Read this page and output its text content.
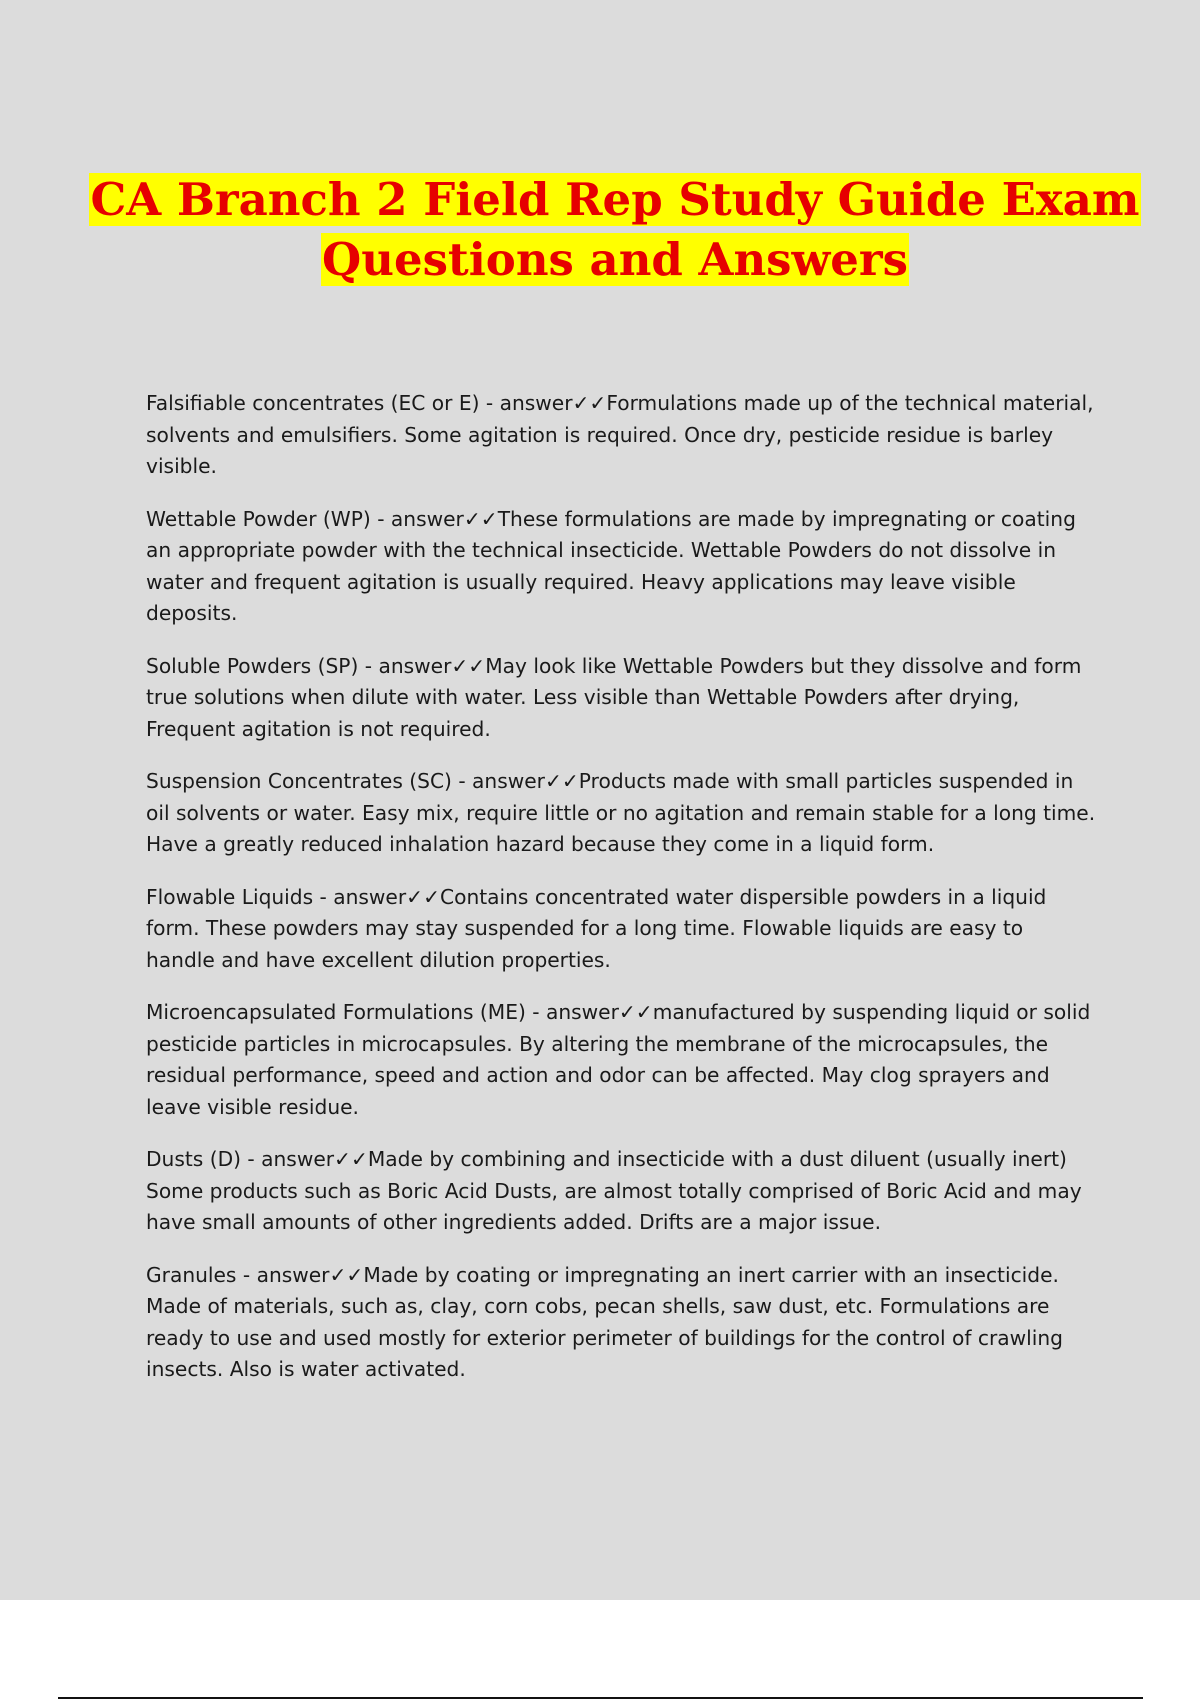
CA Branch 2 Field Rep Study Guide Exam
Questions and Answers

Falsifiable concentrates (EC or E) - answer✓✓Formulations made up of the technical material, solvents and emulsifiers. Some agitation is required. Once dry, pesticide residue is barley visible.

Wettable Powder (WP) - answer✓✓These formulations are made by impregnating or coating an appropriate powder with the technical insecticide. Wettable Powders do not dissolve in water and frequent agitation is usually required. Heavy applications may leave visible deposits.

Soluble Powders (SP) - answer✓✓May look like Wettable Powders but they dissolve and form true solutions when dilute with water. Less visible than Wettable Powders after drying, Frequent agitation is not required.

Suspension Concentrates (SC) - answer✓✓Products made with small particles suspended in oil solvents or water. Easy mix, require little or no agitation and remain stable for a long time. Have a greatly reduced inhalation hazard because they come in a liquid form.

Flowable Liquids - answer✓✓Contains concentrated water dispersible powders in a liquid form. These powders may stay suspended for a long time. Flowable liquids are easy to handle and have excellent dilution properties.

Microencapsulated Formulations (ME) - answer✓✓manufactured by suspending liquid or solid pesticide particles in microcapsules. By altering the membrane of the microcapsules, the residual performance, speed and action and odor can be affected. May clog sprayers and leave visible residue.

Dusts (D) - answer✓✓Made by combining and insecticide with a dust diluent (usually inert) Some products such as Boric Acid Dusts, are almost totally comprised of Boric Acid and may have small amounts of other ingredients added. Drifts are a major issue.

Granules - answer✓✓Made by coating or impregnating an inert carrier with an insecticide. Made of materials, such as, clay, corn cobs, pecan shells, saw dust, etc. Formulations are ready to use and used mostly for exterior perimeter of buildings for the control of crawling insects. Also is water activated.
